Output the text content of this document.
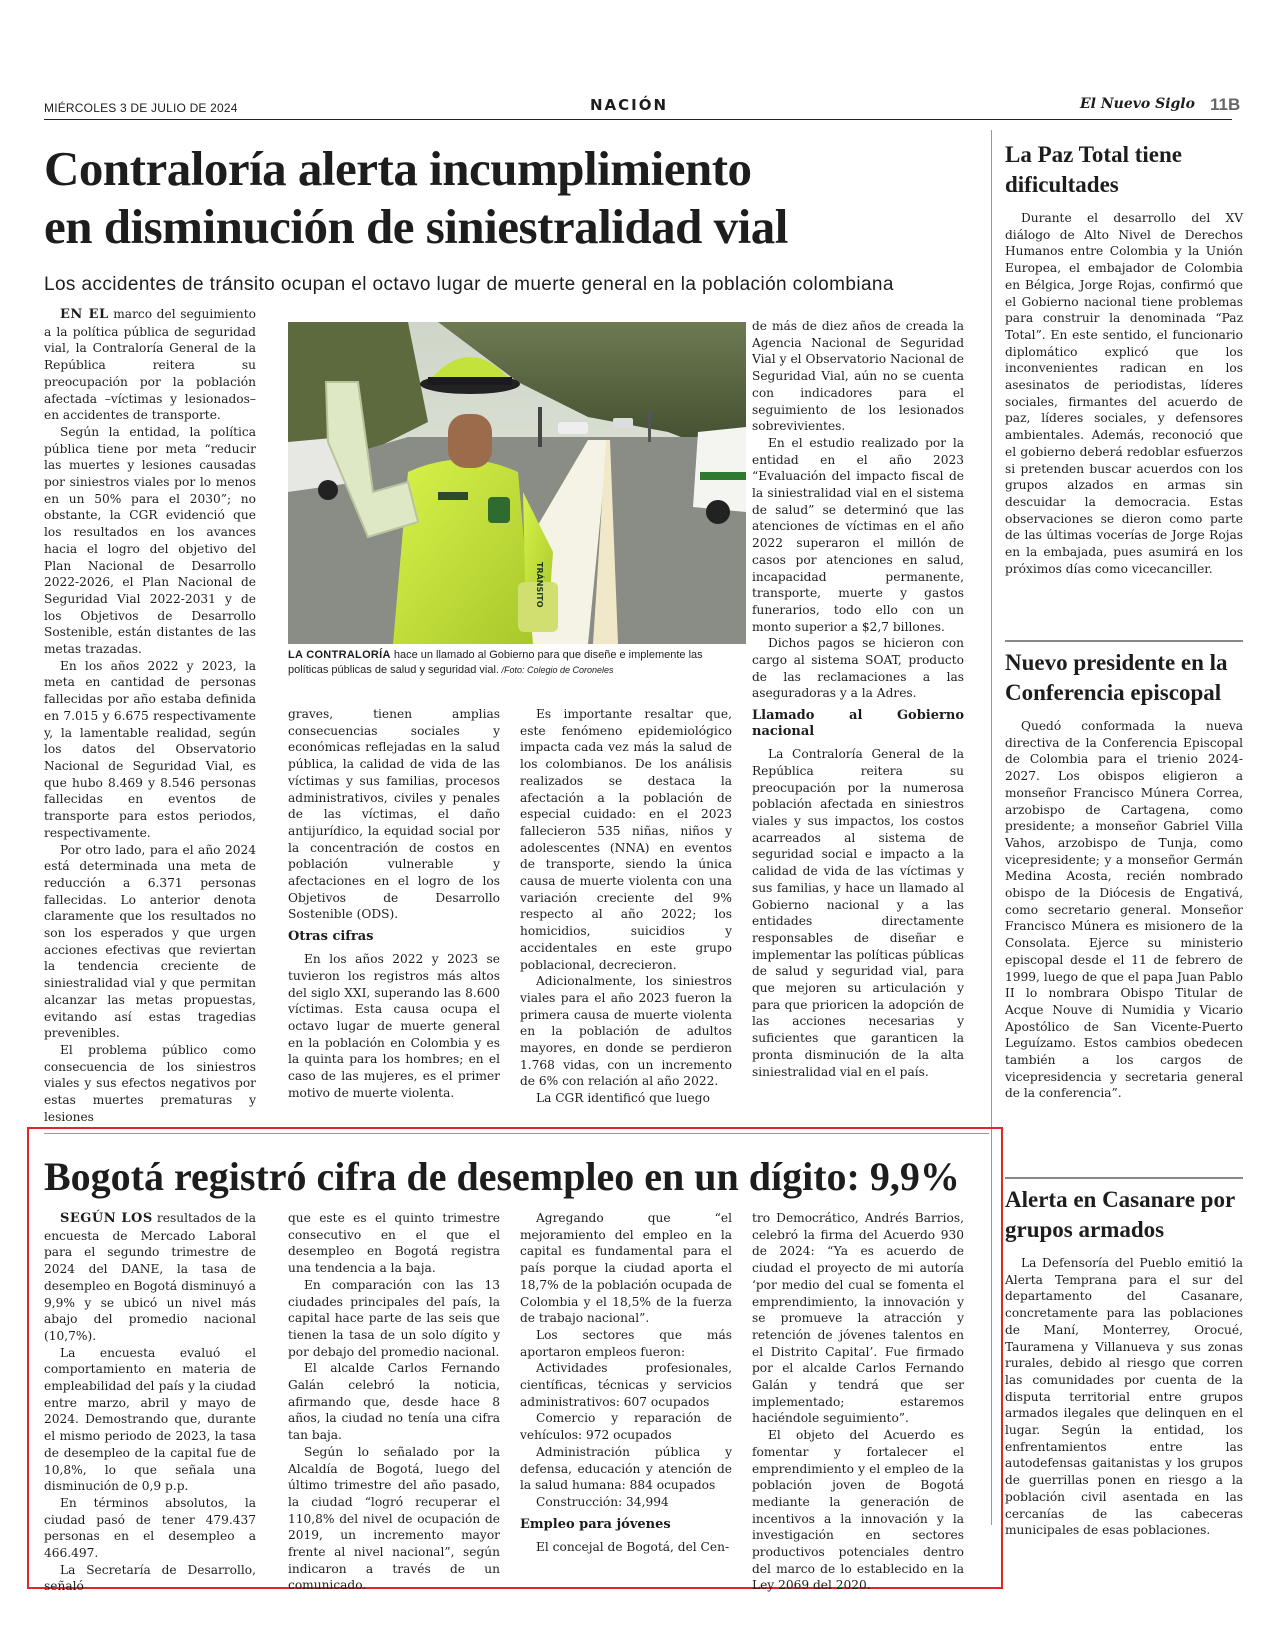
MIÉRCOLES 3 DE JULIO DE 2024	NACIÓN	El Nuevo Siglo 11B
Contraloría alerta incumplimiento
en disminución de siniestralidad vial
Los accidentes de tránsito ocupan el octavo lugar de muerte general en la población colombiana

EN EL marco del seguimiento a la política pública de seguridad vial, la Contraloría General de la República reitera su preocupación por la población afectada –víctimas y lesionados– en accidentes de transporte.

Según la entidad, la política pública tiene por meta “reducir las muertes y lesiones causadas por siniestros viales por lo menos en un 50% para el 2030”; no obstante, la CGR evidenció que los resultados en los avances hacia el logro del objetivo del Plan Nacional de Desarrollo 2022-2026, el Plan Nacional de Seguridad Vial 2022-2031 y de los Objetivos de Desarrollo Sostenible, están distantes de las metas trazadas.

En los años 2022 y 2023, la meta en cantidad de personas fallecidas por año estaba definida en 7.015 y 6.675 respectivamente y, la lamentable realidad, según los datos del Observatorio Nacional de Seguridad Vial, es que hubo 8.469 y 8.546 personas fallecidas en eventos de transporte para estos periodos, respectivamente.

Por otro lado, para el año 2024 está determinada una meta de reducción a 6.371 personas fallecidas. Lo anterior denota claramente que los resultados no son los esperados y que urgen acciones efectivas que reviertan la tendencia creciente de siniestralidad vial y que permitan alcanzar las metas propuestas, evitando así estas tragedias prevenibles.

El problema público como consecuencia de los siniestros viales y sus efectos negativos por estas muertes prematuras y lesiones

TRÁNSITO
LA CONTRALORÍA hace un llamado al Gobierno para que diseñe e implemente las políticas públicas de salud y seguridad vial. /Foto: Colegio de Coroneles

graves, tienen amplias consecuencias sociales y económicas reflejadas en la salud pública, la calidad de vida de las víctimas y sus familias, procesos administrativos, civiles y penales de las víctimas, el daño antijurídico, la equidad social por la concentración de costos en población vulnerable y afectaciones en el logro de los Objetivos de Desarrollo Sostenible (ODS).

Otras cifras

En los años 2022 y 2023 se tuvieron los registros más altos del siglo XXI, superando las 8.600 víctimas. Esta causa ocupa el octavo lugar de muerte general en la población en Colombia y es la quinta para los hombres; en el caso de las mujeres, es el primer motivo de muerte violenta.

Es importante resaltar que, este fenómeno epidemiológico impacta cada vez más la salud de los colombianos. De los análisis realizados se destaca la afectación a la población de especial cuidado: en el 2023 fallecieron 535 niñas, niños y adolescentes (NNA) en eventos de transporte, siendo la única causa de muerte violenta con una variación creciente del 9% respecto al año 2022; los homicidios, suicidios y accidentales en este grupo poblacional, decrecieron.

Adicionalmente, los siniestros viales para el año 2023 fueron la primera causa de muerte violenta en la población de adultos mayores, en donde se perdieron 1.768 vidas, con un incremento de 6% con relación al año 2022.

La CGR identificó que luego

de más de diez años de creada la Agencia Nacional de Seguridad Vial y el Observatorio Nacional de Seguridad Vial, aún no se cuenta con indicadores para el seguimiento de los lesionados sobrevivientes.

En el estudio realizado por la entidad en el año 2023 “Evaluación del impacto fiscal de la siniestralidad vial en el sistema de salud” se determinó que las atenciones de víctimas en el año 2022 superaron el millón de casos por atenciones en salud, incapacidad permanente, transporte, muerte y gastos funerarios, todo ello con un monto superior a $2,7 billones.

Dichos pagos se hicieron con cargo al sistema SOAT, producto de las reclamaciones a las aseguradoras y a la Adres.

Llamado al Gobierno nacional

La Contraloría General de la República reitera su preocupación por la numerosa población afectada en siniestros viales y sus impactos, los costos acarreados al sistema de seguridad social e impacto a la calidad de vida de las víctimas y sus familias, y hace un llamado al Gobierno nacional y a las entidades directamente responsables de diseñar e implementar las políticas públicas de salud y seguridad vial, para que mejoren su articulación y para que prioricen la adopción de las acciones necesarias y suficientes que garanticen la pronta disminución de la alta siniestralidad vial en el país.

Bogotá registró cifra de desempleo en un dígito: 9,9%

SEGÚN LOS resultados de la encuesta de Mercado Laboral para el segundo trimestre de 2024 del DANE, la tasa de desempleo en Bogotá disminuyó a 9,9% y se ubicó un nivel más abajo del promedio nacional (10,7%).

La encuesta evaluó el comportamiento en materia de empleabilidad del país y la ciudad entre marzo, abril y mayo de 2024. Demostrando que, durante el mismo periodo de 2023, la tasa de desempleo de la capital fue de 10,8%, lo que señala una disminución de 0,9 p.p.

En términos absolutos, la ciudad pasó de tener 479.437 personas en el desempleo a 466.497.

La Secretaría de Desarrollo, señaló

que este es el quinto trimestre consecutivo en el que el desempleo en Bogotá registra una tendencia a la baja.

En comparación con las 13 ciudades principales del país, la capital hace parte de las seis que tienen la tasa de un solo dígito y por debajo del promedio nacional.

El alcalde Carlos Fernando Galán celebró la noticia, afirmando que, desde hace 8 años, la ciudad no tenía una cifra tan baja.

Según lo señalado por la Alcaldía de Bogotá, luego del último trimestre del año pasado, la ciudad “logró recuperar el 110,8% del nivel de ocupación de 2019, un incremento mayor frente al nivel nacional”, según indicaron a través de un comunicado.

Agregando que “el mejoramiento del empleo en la capital es fundamental para el país porque la ciudad aporta el 18,7% de la población ocupada de Colombia y el 18,5% de la fuerza de trabajo nacional”.

Los sectores que más aportaron empleos fueron:

Actividades profesionales, científicas, técnicas y servicios administrativos: 607 ocupados

Comercio y reparación de vehículos: 972 ocupados

Administración pública y defensa, educación y atención de la salud humana: 884 ocupados

Construcción: 34,994

Empleo para jóvenes

El concejal de Bogotá, del Cen-

tro Democrático, Andrés Barrios, celebró la firma del Acuerdo 930 de 2024: “Ya es acuerdo de ciudad el proyecto de mi autoría ‘por medio del cual se fomenta el emprendimiento, la innovación y se promueve la atracción y retención de jóvenes talentos en el Distrito Capital’. Fue firmado por el alcalde Carlos Fernando Galán y tendrá que ser implementado; estaremos haciéndole seguimiento”.

El objeto del Acuerdo es fomentar y fortalecer el emprendimiento y el empleo de la población joven de Bogotá mediante la generación de incentivos a la innovación y la investigación en sectores productivos potenciales dentro del marco de lo establecido en la Ley 2069 del 2020.

La Paz Total tiene dificultades

Durante el desarrollo del XV diálogo de Alto Nivel de Derechos Humanos entre Colombia y la Unión Europea, el embajador de Colombia en Bélgica, Jorge Rojas, confirmó que el Gobierno nacional tiene problemas para construir la denominada “Paz Total”. En este sentido, el funcionario diplomático explicó que los inconvenientes radican en los asesinatos de periodistas, líderes sociales, firmantes del acuerdo de paz, líderes sociales, y defensores ambientales. Además, reconoció que el gobierno deberá redoblar esfuerzos si pretenden buscar acuerdos con los grupos alzados en armas sin descuidar la democracia. Estas observaciones se dieron como parte de las últimas vocerías de Jorge Rojas en la embajada, pues asumirá en los próximos días como vicecanciller.

Nuevo presidente en la Conferencia episcopal

Quedó conformada la nueva directiva de la Conferencia Episcopal de Colombia para el trienio 2024-2027. Los obispos eligieron a monseñor Francisco Múnera Correa, arzobispo de Cartagena, como presidente; a monseñor Gabriel Villa Vahos, arzobispo de Tunja, como vicepresidente; y a monseñor Germán Medina Acosta, recién nombrado obispo de la Diócesis de Engativá, como secretario general. Monseñor Francisco Múnera es misionero de la Consolata. Ejerce su ministerio episcopal desde el 11 de febrero de 1999, luego de que el papa Juan Pablo II lo nombrara Obispo Titular de Acque Nouve di Numidia y Vicario Apostólico de San Vicente-Puerto Leguízamo. Estos cambios obedecen también a los cargos de vicepresidencia y secretaria general de la conferencia”.

Alerta en Casanare por grupos armados

La Defensoría del Pueblo emitió la Alerta Temprana para el sur del departamento del Casanare, concretamente para las poblaciones de Maní, Monterrey, Orocué, Tauramena y Villanueva y sus zonas rurales, debido al riesgo que corren las comunidades por cuenta de la disputa territorial entre grupos armados ilegales que delinquen en el lugar. Según la entidad, los enfrentamientos entre las autodefensas gaitanistas y los grupos de guerrillas ponen en riesgo a la población civil asentada en las cercanías de las cabeceras municipales de esas poblaciones.
